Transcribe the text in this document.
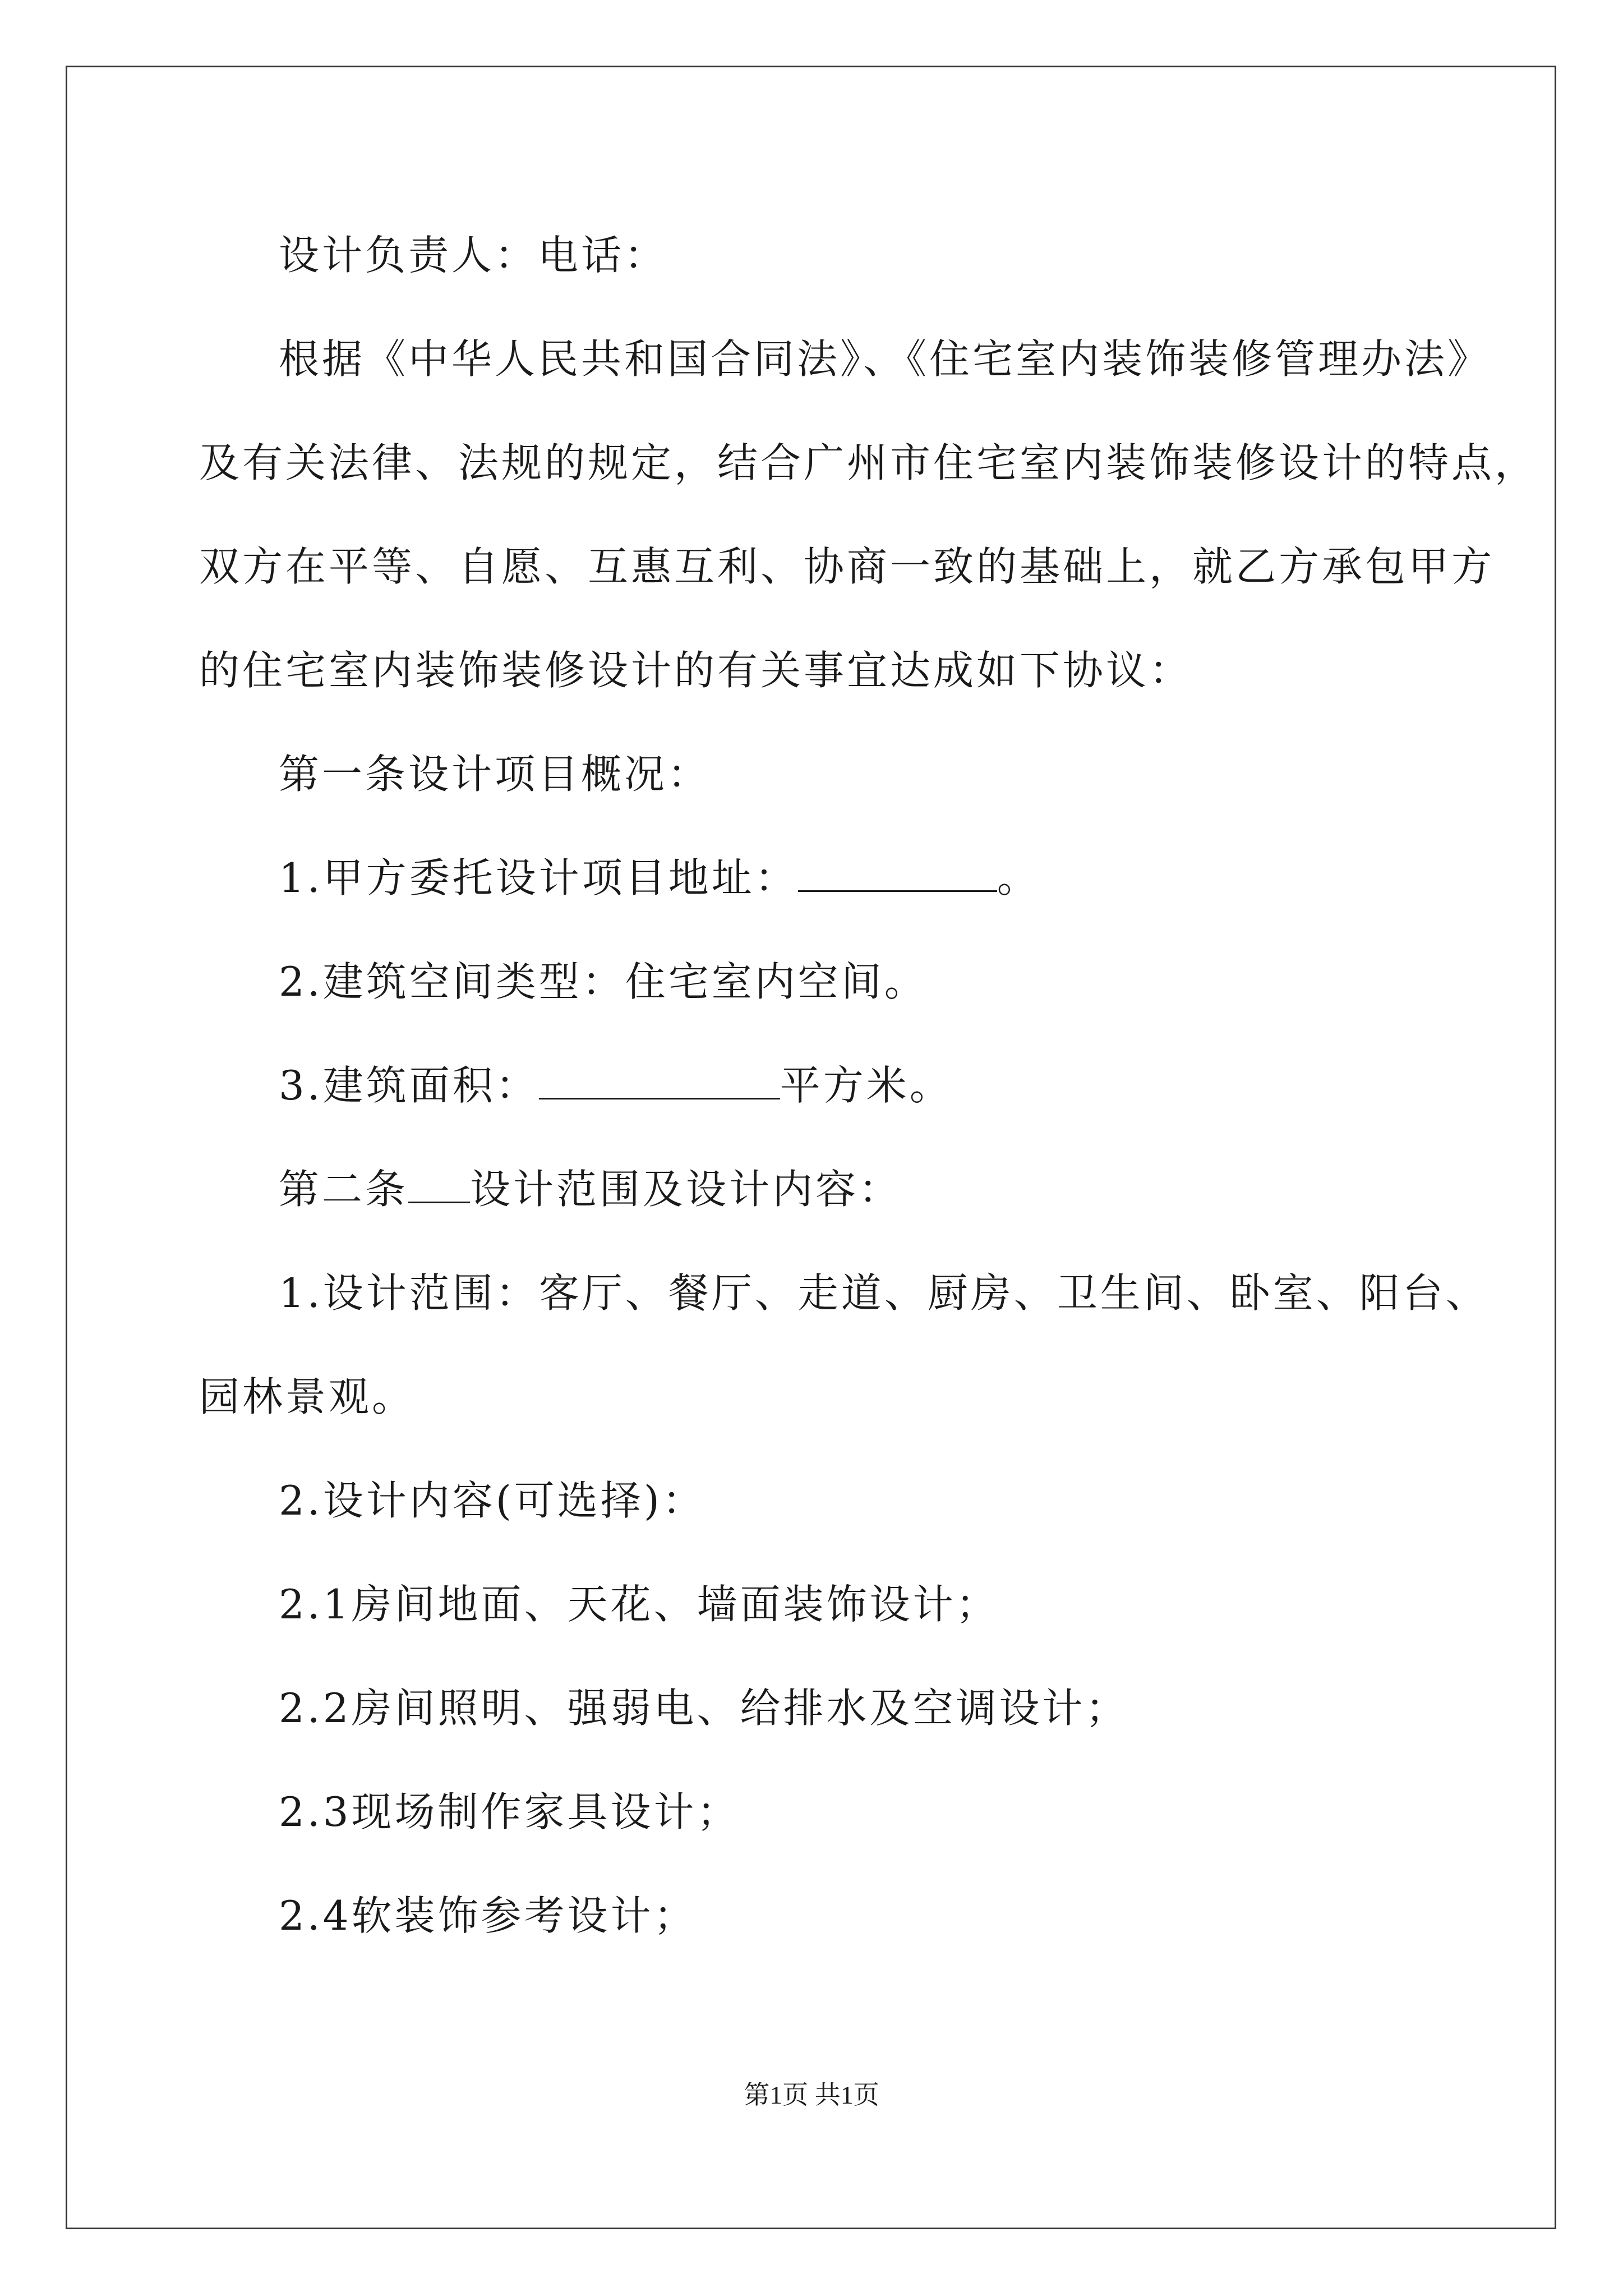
设计负责人：电话：
根据《中华人民共和国合同法》、《住宅室内装饰装修管理办法》
及有关法律、法规的规定，结合广州市住宅室内装饰装修设计的特点，
双方在平等、自愿、互惠互利、协商一致的基础上，就乙方承包甲方
的住宅室内装饰装修设计的有关事宜达成如下协议：
第一条设计项目概况：
1.甲方委托设计项目地址：	。
2.建筑空间类型：住宅室内空间。
3.建筑面积：	平方米。
第二条 设计范围及设计内容：
1.设计范围：客厅、餐厅、走道、厨房、卫生间、卧室、阳台、
园林景观。
2.设计内容(可选择)：
2.1房间地面、天花、墙面装饰设计；
2.2房间照明、强弱电、给排水及空调设计；
2.3现场制作家具设计；
2.4软装饰参考设计；
第1页 共1页
